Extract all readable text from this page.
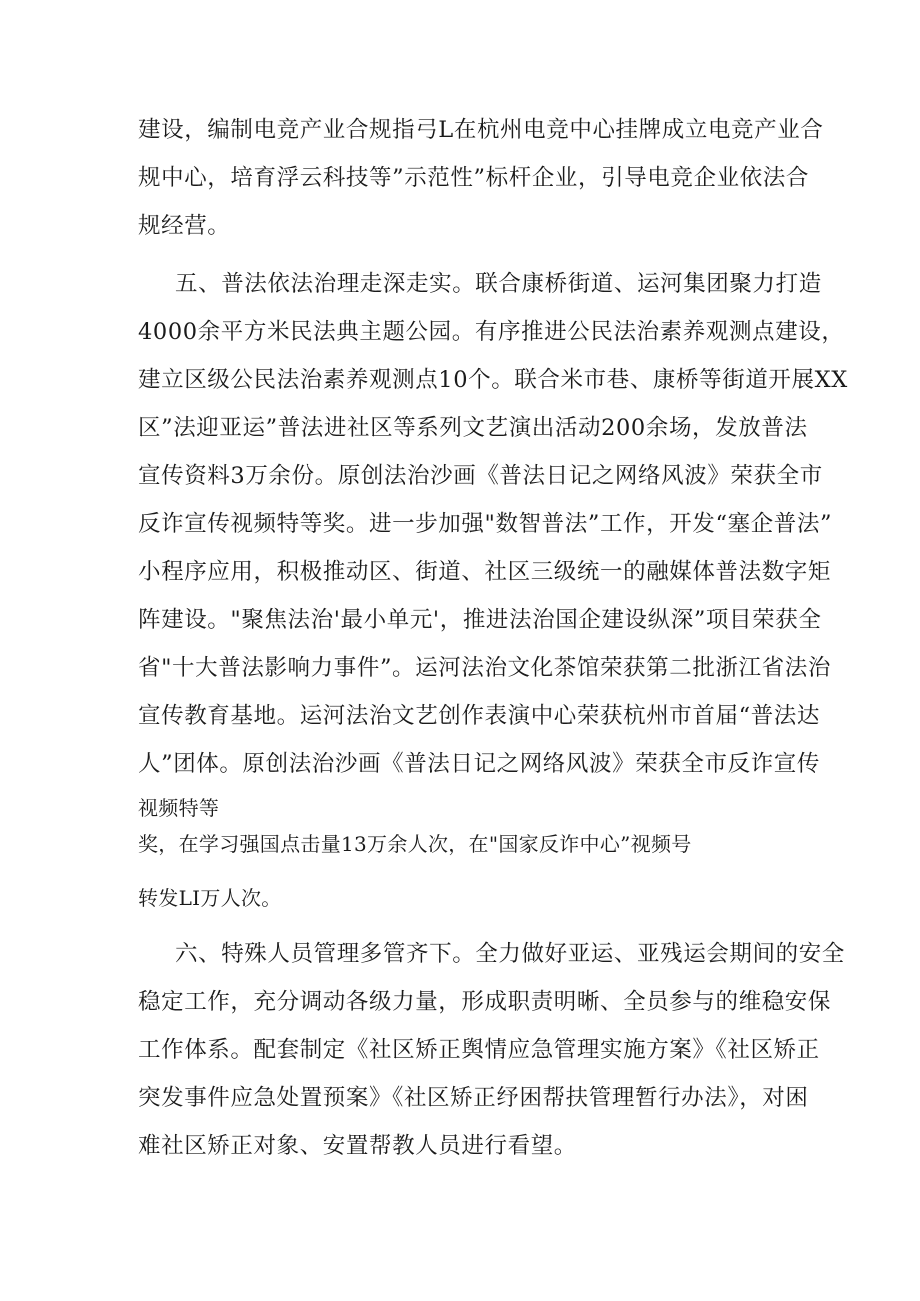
建设，编制电竞产业合规指弓L在杭州电竞中心挂牌成立电竞产业合
规中心，培育浮云科技等”示范性”标杆企业，引导电竞企业依法合
规经营。
五、普法依法治理走深走实。联合康桥街道、运河集团聚力打造
4000余平方米民法典主题公园。有序推进公民法治素养观测点建设，
建立区级公民法治素养观测点10个。联合米市巷、康桥等街道开展XX
区”法迎亚运”普法进社区等系列文艺演出活动200余场，发放普法
宣传资料3万余份。原创法治沙画《普法日记之网络风波》荣获全市
反诈宣传视频特等奖。进一步加强"数智普法”工作，开发“塞企普法”
小程序应用，积极推动区、街道、社区三级统一的融媒体普法数字矩
阵建设。"聚焦法治'最小单元'，推进法治国企建设纵深”项目荣获全
省"十大普法影响力事件”。运河法治文化茶馆荣获第二批浙江省法治
宣传教育基地。运河法治文艺创作表演中心荣获杭州市首届“普法达
人”团体。原创法治沙画《普法日记之网络风波》荣获全市反诈宣传
视频特等
奖，在学习强国点击量13万余人次，在"国家反诈中心”视频号
转发LI万人次。
六、特殊人员管理多管齐下。全力做好亚运、亚残运会期间的安全
稳定工作，充分调动各级力量，形成职责明晰、全员参与的维稳安保
工作体系。配套制定《社区矫正舆情应急管理实施方案》《社区矫正
突发事件应急处置预案》《社区矫正纾困帮扶管理暂行办法》，对困
难社区矫正对象、安置帮教人员进行看望。
